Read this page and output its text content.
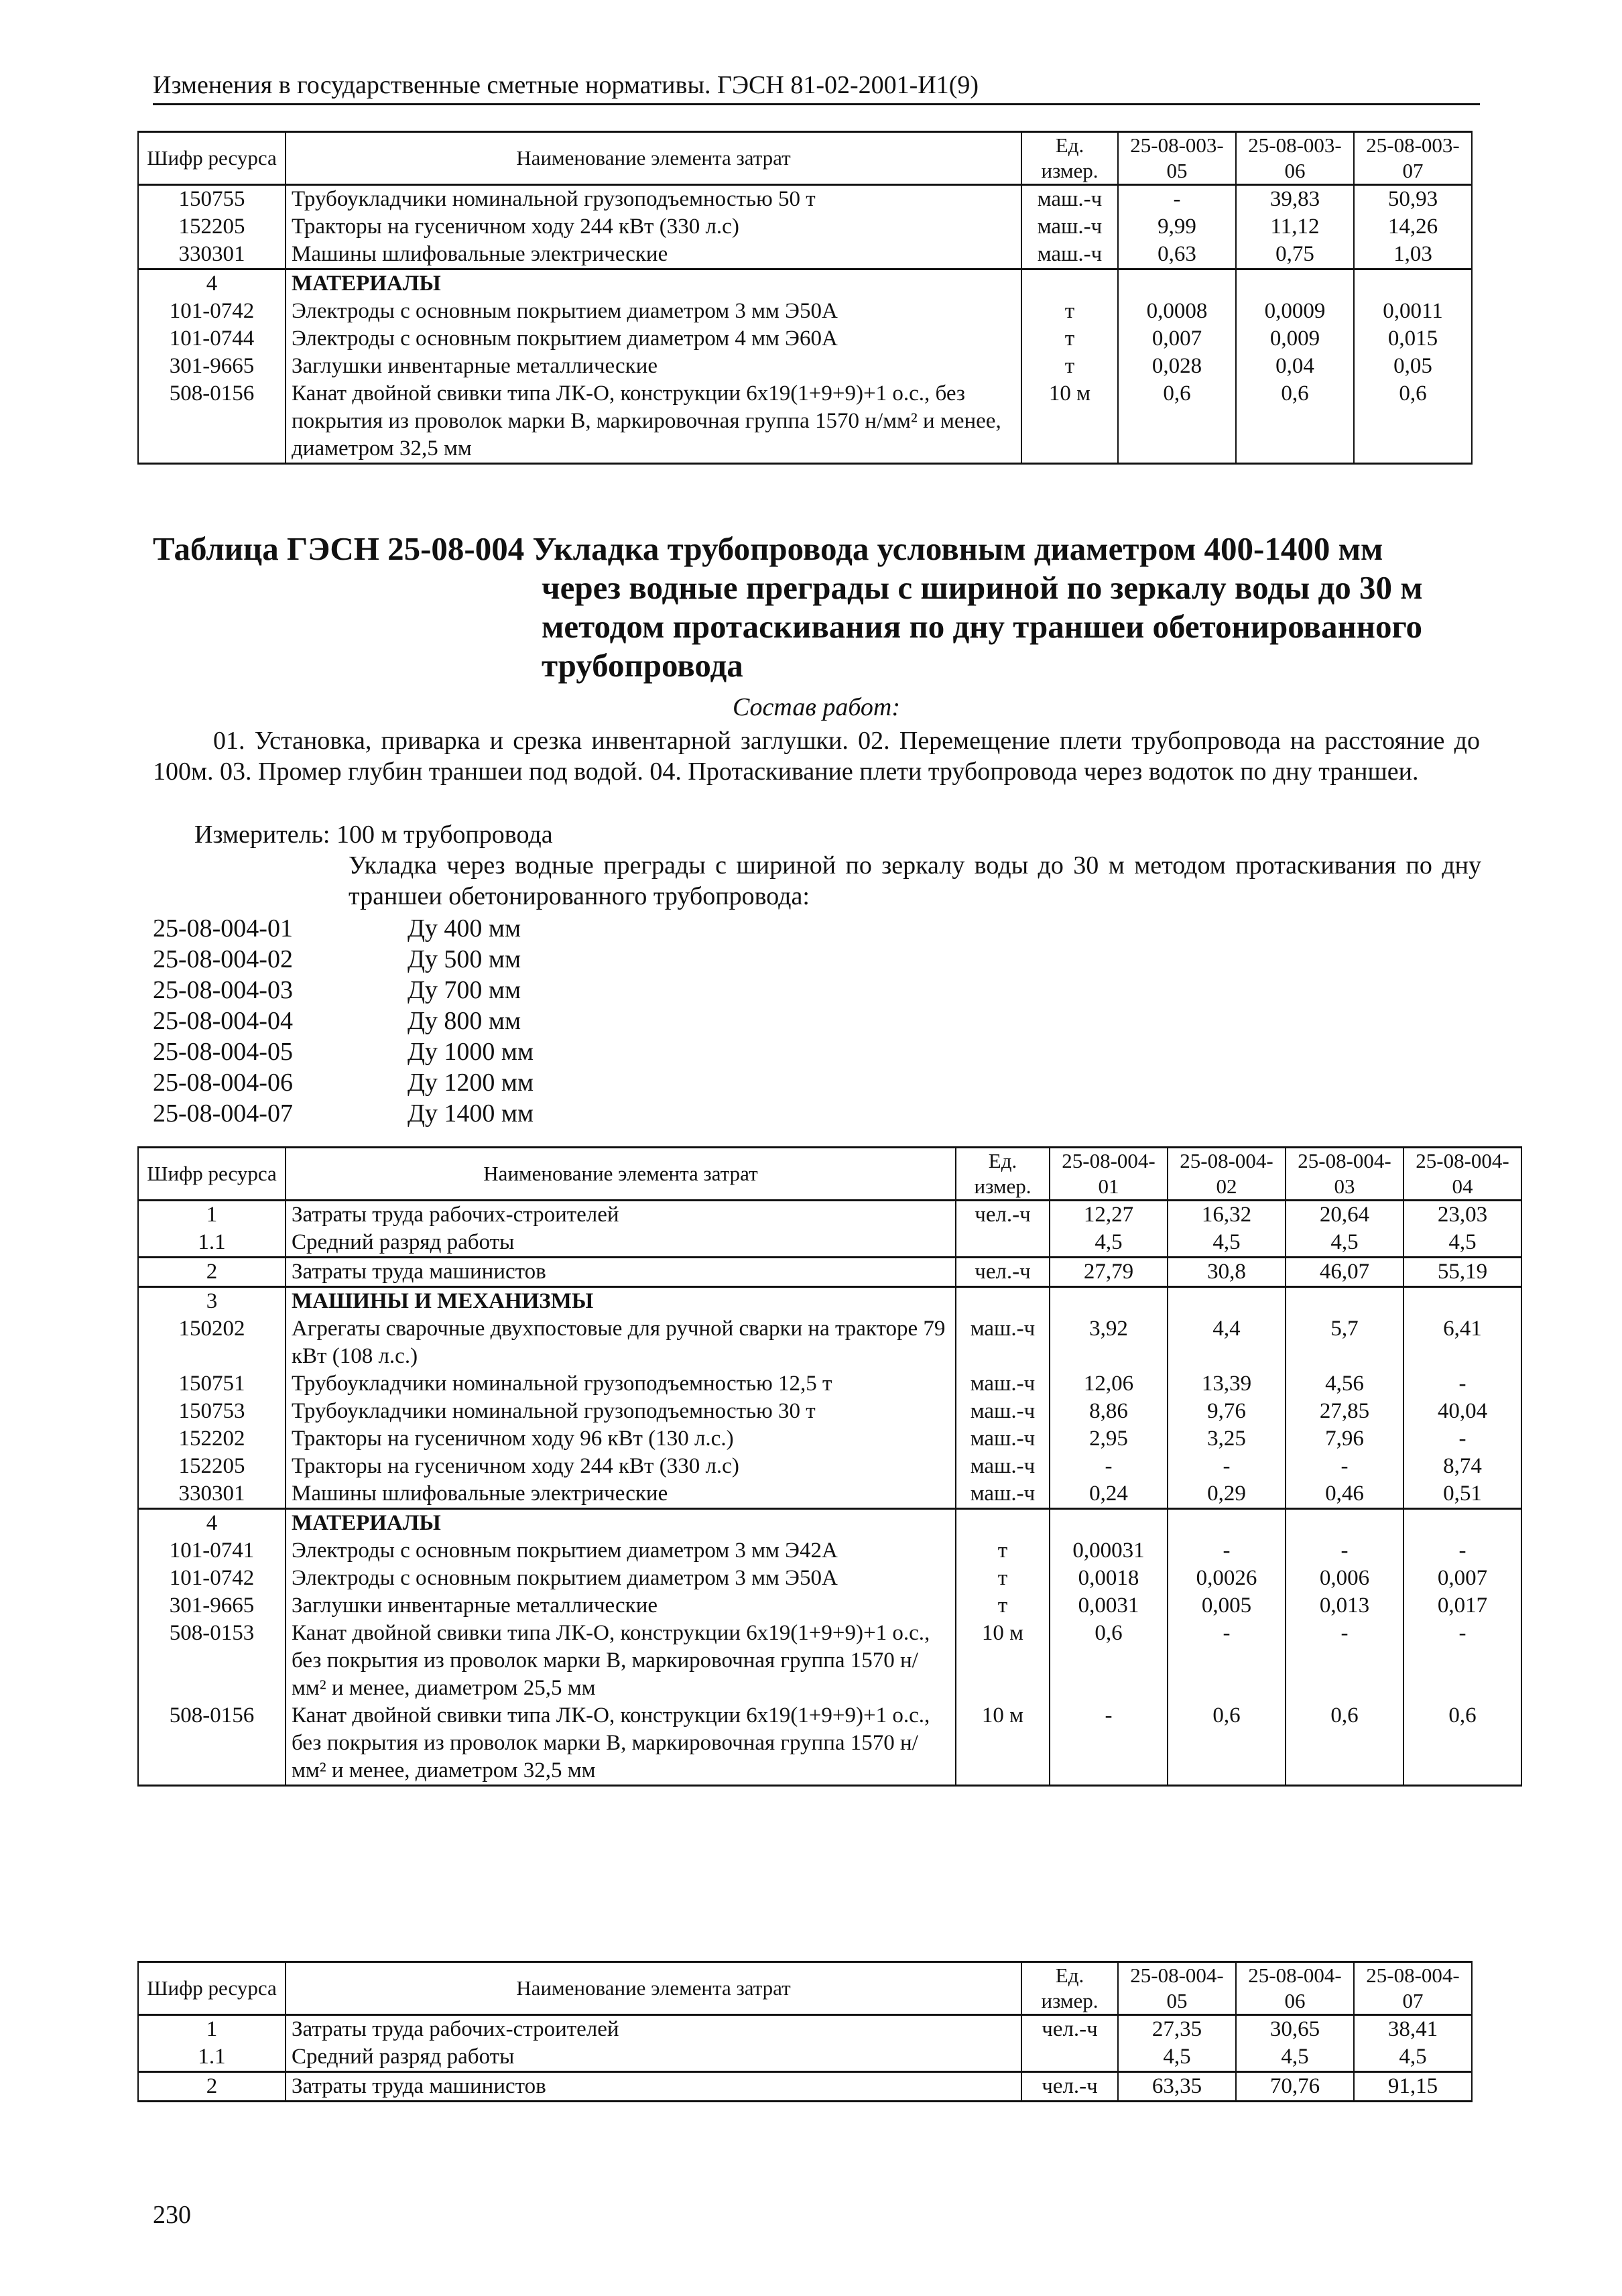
Изменения в государственные сметные нормативы. ГЭСН 81-02-2001-И1(9)
Шифр ресурса	Наименование элемента затрат	Ед. измер.	25-08-003-05	25-08-003-06	25-08-003-07
150755	Трубоукладчики номинальной грузоподъемностью 50 т	маш.-ч	-	39,83	50,93
152205	Тракторы на гусеничном ходу 244 кВт (330 л.с)	маш.-ч	9,99	11,12	14,26
330301	Машины шлифовальные электрические	маш.-ч	0,63	0,75	1,03
4	МАТЕРИАЛЫ				
101-0742	Электроды с основным покрытием диаметром 3 мм Э50А	т	0,0008	0,0009	0,0011
101-0744	Электроды с основным покрытием диаметром 4 мм Э60А	т	0,007	0,009	0,015
301-9665	Заглушки инвентарные металлические	т	0,028	0,04	0,05
508-0156	Канат двойной свивки типа ЛК-О, конструкции 6х19(1+9+9)+1 о.с., без покрытия из проволок марки В, маркировочная группа 1570 н/мм² и менее, диаметром 32,5 мм	10 м	0,6	0,6	0,6
Таблица ГЭСН 25-08-004 Укладка трубопровода условным диаметром 400-1400 мм
через водные преграды с шириной по зеркалу воды до 30 м
методом протаскивания по дну траншеи обетонированного
трубопровода
Состав работ:
01. Установка, приварка и срезка инвентарной заглушки. 02. Перемещение плети трубопровода на расстояние до 100м. 03. Промер глубин траншеи под водой. 04. Протаскивание плети трубопровода через водоток по дну траншеи.
Измеритель: 100 м трубопровода
Укладка через водные преграды с шириной по зеркалу воды до 30 м методом протаскивания по дну траншеи обетонированного трубопровода:
25-08-004-01	Ду 400 мм
25-08-004-02	Ду 500 мм
25-08-004-03	Ду 700 мм
25-08-004-04	Ду 800 мм
25-08-004-05	Ду 1000 мм
25-08-004-06	Ду 1200 мм
25-08-004-07	Ду 1400 мм
Шифр ресурса	Наименование элемента затрат	Ед. измер.	25-08-004-01	25-08-004-02	25-08-004-03	25-08-004-04
1	Затраты труда рабочих-строителей	чел.-ч	12,27	16,32	20,64	23,03
1.1	Средний разряд работы		4,5	4,5	4,5	4,5
2	Затраты труда машинистов	чел.-ч	27,79	30,8	46,07	55,19
3	МАШИНЫ И МЕХАНИЗМЫ					
150202	Агрегаты сварочные двухпостовые для ручной сварки на тракторе 79 кВт (108 л.с.)	маш.-ч	3,92	4,4	5,7	6,41
150751	Трубоукладчики номинальной грузоподъемностью 12,5 т	маш.-ч	12,06	13,39	4,56	-
150753	Трубоукладчики номинальной грузоподъемностью 30 т	маш.-ч	8,86	9,76	27,85	40,04
152202	Тракторы на гусеничном ходу 96 кВт (130 л.с.)	маш.-ч	2,95	3,25	7,96	-
152205	Тракторы на гусеничном ходу 244 кВт (330 л.с)	маш.-ч	-	-	-	8,74
330301	Машины шлифовальные электрические	маш.-ч	0,24	0,29	0,46	0,51
4	МАТЕРИАЛЫ					
101-0741	Электроды с основным покрытием диаметром 3 мм Э42А	т	0,00031	-	-	-
101-0742	Электроды с основным покрытием диаметром 3 мм Э50А	т	0,0018	0,0026	0,006	0,007
301-9665	Заглушки инвентарные металлические	т	0,0031	0,005	0,013	0,017
508-0153	Канат двойной свивки типа ЛК-О, конструкции 6х19(1+9+9)+1 о.с., без покрытия из проволок марки В, маркировочная группа 1570 н/мм² и менее, диаметром 25,5 мм	10 м	0,6	-	-	-
508-0156	Канат двойной свивки типа ЛК-О, конструкции 6х19(1+9+9)+1 о.с., без покрытия из проволок марки В, маркировочная группа 1570 н/мм² и менее, диаметром 32,5 мм	10 м	-	0,6	0,6	0,6
Шифр ресурса	Наименование элемента затрат	Ед. измер.	25-08-004-05	25-08-004-06	25-08-004-07
1	Затраты труда рабочих-строителей	чел.-ч	27,35	30,65	38,41
1.1	Средний разряд работы		4,5	4,5	4,5
2	Затраты труда машинистов	чел.-ч	63,35	70,76	91,15
230
